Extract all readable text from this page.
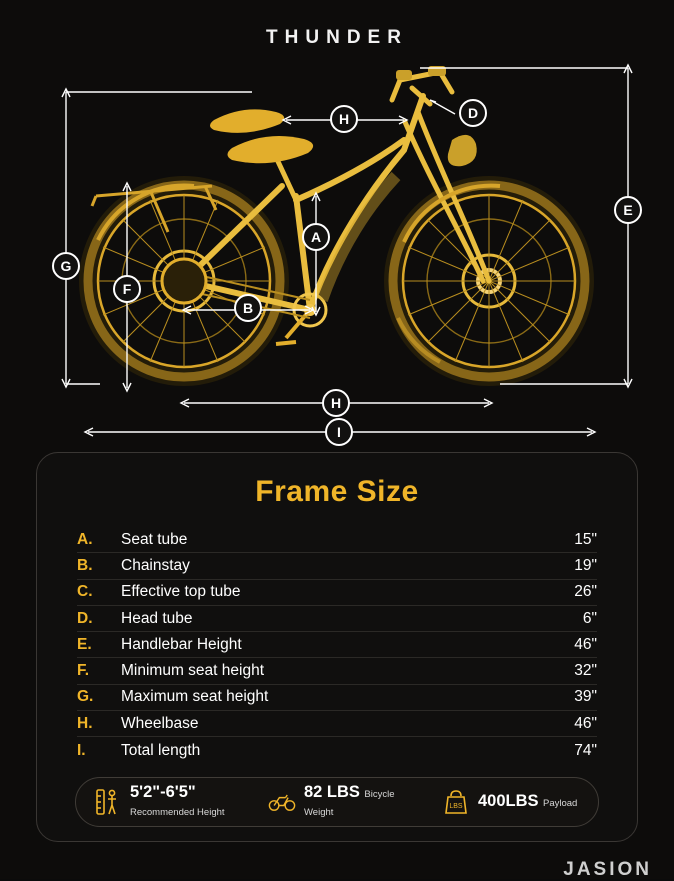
THUNDER
G
F
A
B
H	D
E
H
I
Frame Size
A.	Seat tube	15"
B.	Chainstay	19"
C.	Effective top tube	26"
D.	Head tube	6"
E.	Handlebar Height	46"
F.	Minimum seat height	32"
G.	Maximum seat height	39"
H.	Wheelbase	46"
I.	Total length	74"
5'2"-6'5" Recommended Height
82 LBS Bicycle Weight
LBS 400LBS Payload
JASION
